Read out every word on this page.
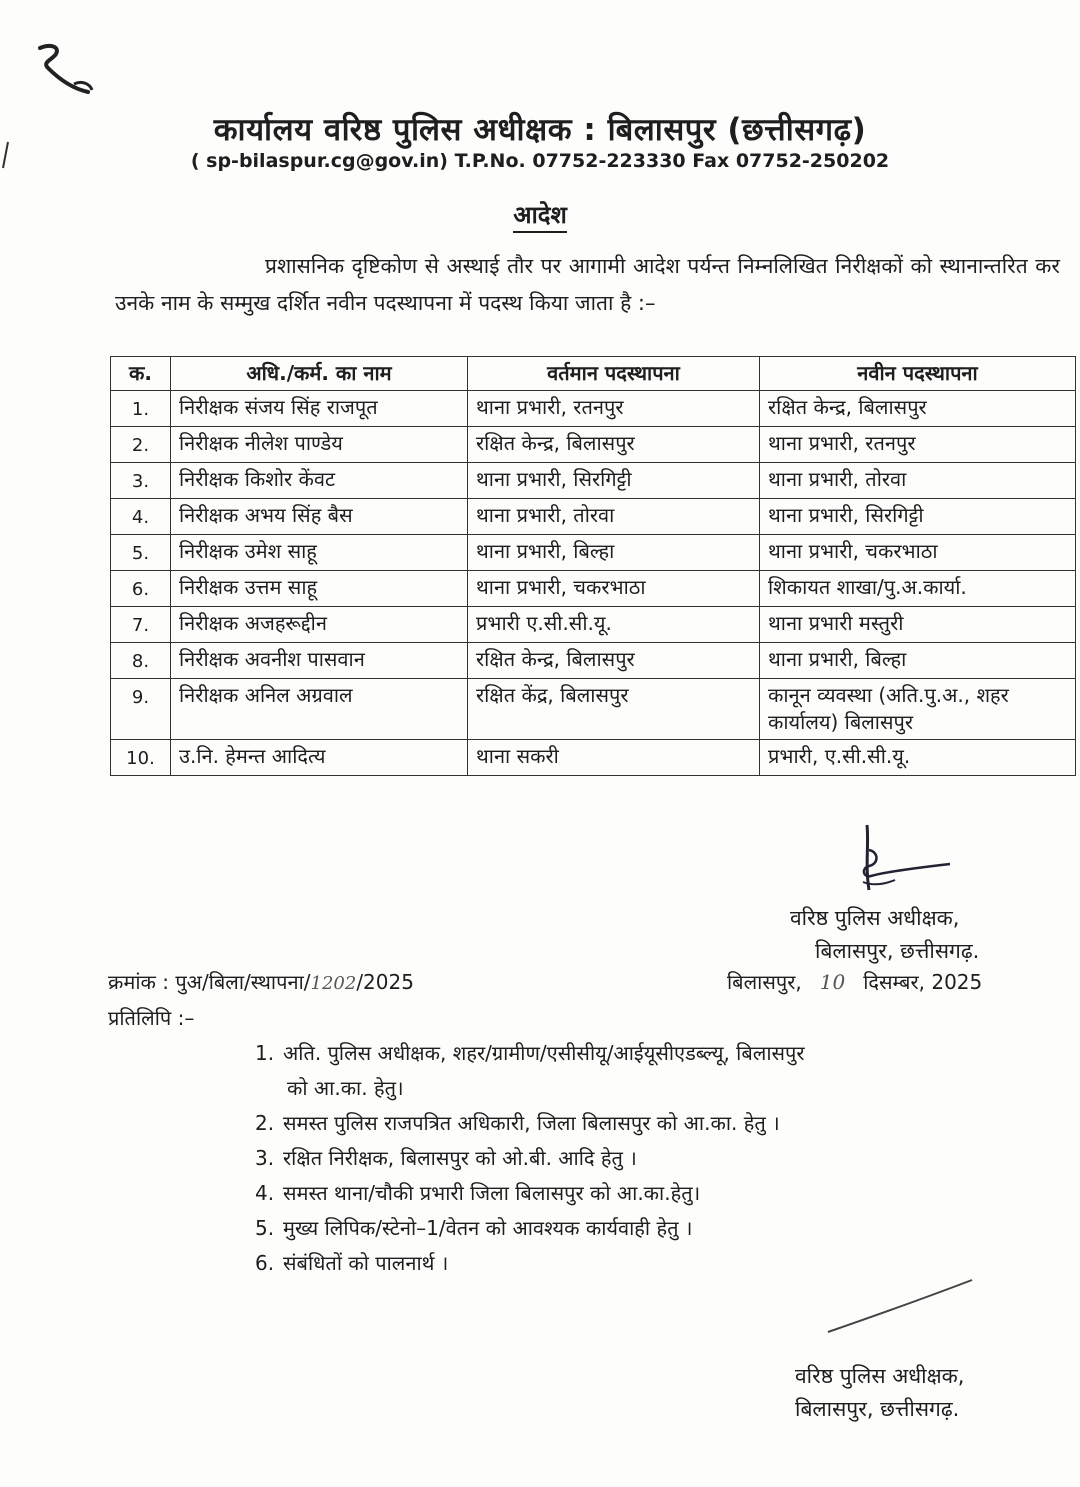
कार्यालय वरिष्ठ पुलिस अधीक्षक : बिलासपुर (छत्तीसगढ़)
( sp-bilaspur.cg@gov.in) T.P.No. 07752-223330 Fax 07752-250202
आदेश
प्रशासनिक दृष्टिकोण से अस्थाई तौर पर आगामी आदेश पर्यन्त निम्नलिखित निरीक्षकों को स्थानान्तरित कर उनके नाम के सम्मुख दर्शित नवीन पदस्थापना में पदस्थ किया जाता है :–
क.	अधि./कर्म. का नाम	वर्तमान पदस्थापना	नवीन पदस्थापना
1.	निरीक्षक संजय सिंह राजपूत	थाना प्रभारी, रतनपुर	रक्षित केन्द्र, बिलासपुर
2.	निरीक्षक नीलेश पाण्डेय	रक्षित केन्द्र, बिलासपुर	थाना प्रभारी, रतनपुर
3.	निरीक्षक किशोर केंवट	थाना प्रभारी, सिरगिट्टी	थाना प्रभारी, तोरवा
4.	निरीक्षक अभय सिंह बैस	थाना प्रभारी, तोरवा	थाना प्रभारी, सिरगिट्टी
5.	निरीक्षक उमेश साहू	थाना प्रभारी, बिल्हा	थाना प्रभारी, चकरभाठा
6.	निरीक्षक उत्तम साहू	थाना प्रभारी, चकरभाठा	शिकायत शाखा/पु.अ.कार्या.
7.	निरीक्षक अजहरूद्दीन	प्रभारी ए.सी.सी.यू.	थाना प्रभारी मस्तुरी
8.	निरीक्षक अवनीश पासवान	रक्षित केन्द्र, बिलासपुर	थाना प्रभारी, बिल्हा
9.	निरीक्षक अनिल अग्रवाल	रक्षित केंद्र, बिलासपुर	कानून व्यवस्था (अति.पु.अ., शहर कार्यालय) बिलासपुर
10.	उ.नि. हेमन्त आदित्य	थाना सकरी	प्रभारी, ए.सी.सी.यू.
वरिष्ठ पुलिस अधीक्षक,
बिलासपुर, छत्तीसगढ़.
क्रमांक : पुअ/बिला/स्थापना/1202/2025	बिलासपुर, 10 दिसम्बर, 2025
प्रतिलिपि :–
1. अति. पुलिस अधीक्षक, शहर/ग्रामीण/एसीसीयू/आईयूसीएडब्ल्यू, बिलासपुर
को आ.का. हेतु।
2. समस्त पुलिस राजपत्रित अधिकारी, जिला बिलासपुर को आ.का. हेतु ।
3. रक्षित निरीक्षक, बिलासपुर को ओ.बी. आदि हेतु ।
4. समस्त थाना/चौकी प्रभारी जिला बिलासपुर को आ.का.हेतु।
5. मुख्य लिपिक/स्टेनो–1/वेतन को आवश्यक कार्यवाही हेतु ।
6. संबंधितों को पालनार्थ ।
वरिष्ठ पुलिस अधीक्षक,
बिलासपुर, छत्तीसगढ़.
